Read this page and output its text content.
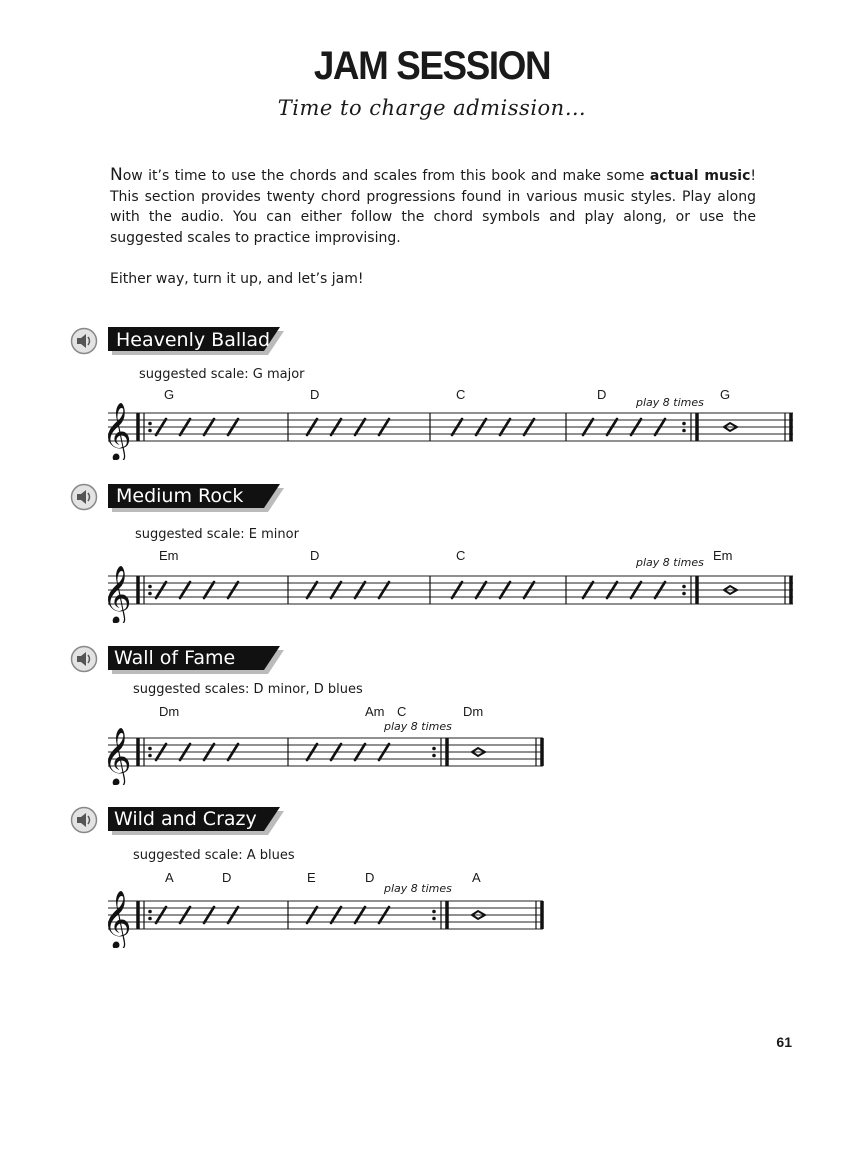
JAM SESSION
Time to charge admission…
Now it’s time to use the chords and scales from this book and make some actual music! This section provides twenty chord progressions found in various music styles. Play along with the audio. You can either follow the chord symbols and play along, or use the suggested scales to practice improvising.
Either way, turn it up, and let’s jam!
Heavenly Ballad
suggested scale: G major
G	D	C	D	G
play 8 times
𝄞
Medium Rock
suggested scale: E minor
Em	D	C	Em
play 8 times
𝄞
Wall of Fame
suggested scales: D minor, D blues
Dm	Am C	Dm
play 8 times
𝄞
Wild and Crazy
suggested scale: A blues
A	D	E	D	A
play 8 times
𝄞
61
